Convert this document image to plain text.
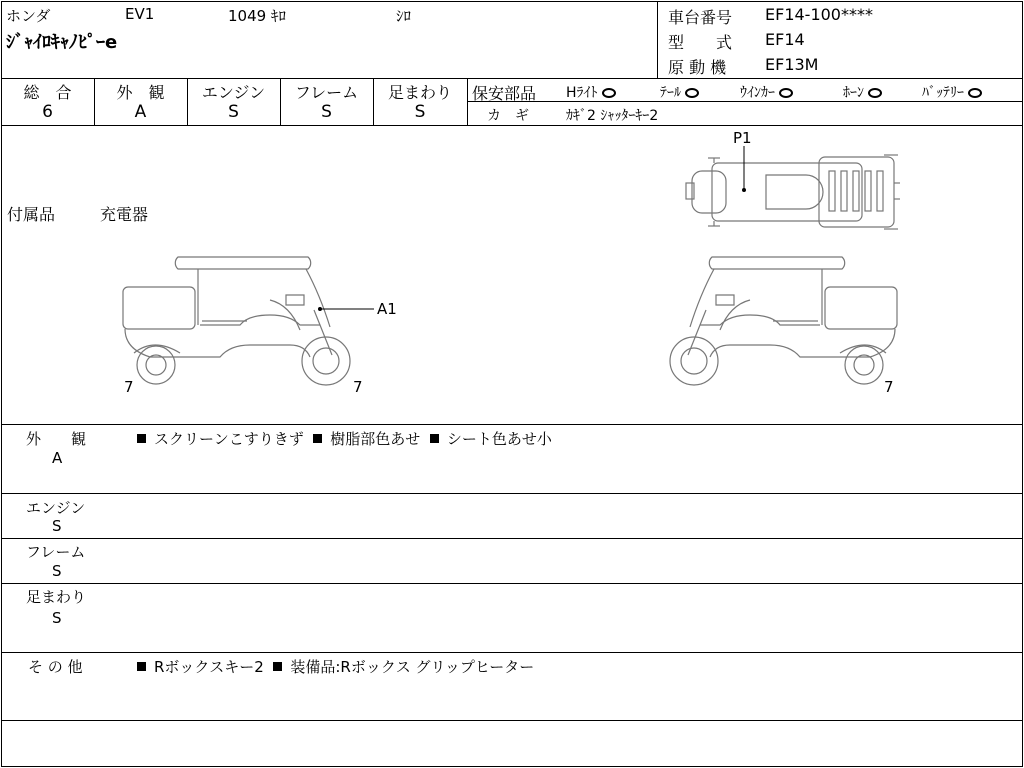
ホンダ	EV1	1049 ｷﾛ	ｼﾛ
ｼﾞｬｲﾛｷｬﾉﾋﾟｰe
車台番号 EF14-100****
型　　式 EF14
原 動 機 EF13M
総　合
6
外　観
A
エンジン
S
フレーム
S
足まわり
S
保安部品 Hﾗｲﾄ	ﾃｰﾙ	ｳｲﾝｶｰ	ﾎｰﾝ	ﾊﾞｯﾃﾘｰ
カ　ギ	ｶｷﾞ2 ｼｬｯﾀｰｷｰ2
付属品	充電器
P1
A1
7	7	7
外　　観
A
スクリーンこすりきず 樹脂部色あせ シート色あせ小
エンジン
S
フレーム
S
足まわり
S
そ の 他	Rボックスキー2 装備品:Rボックス グリップヒーター
